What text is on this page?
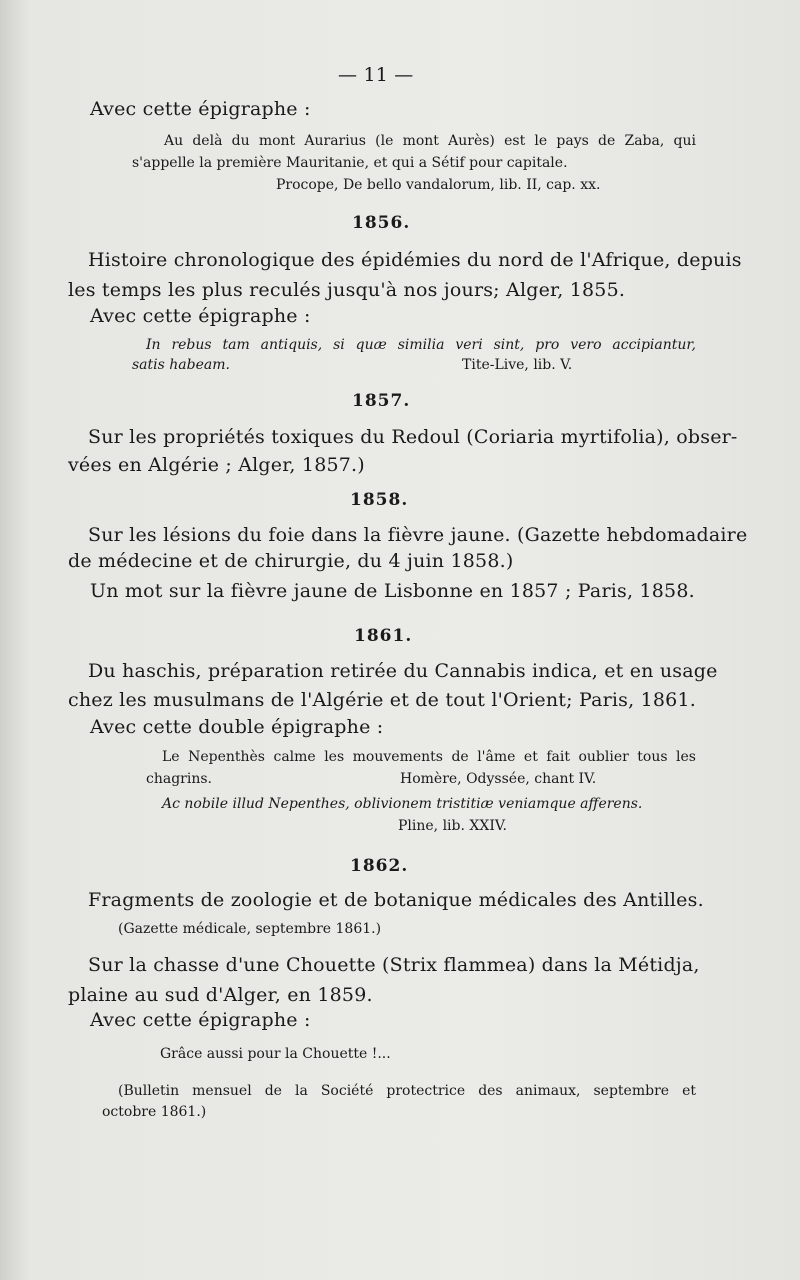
— 11 —
Avec cette épigraphe :
Au delà du mont Aurarius (le mont Aurès) est le pays de Zaba, qui
s'appelle la première Mauritanie, et qui a Sétif pour capitale.
Procope, De bello vandalorum, lib. II, cap. xx.
1856.
Histoire chronologique des épidémies du nord de l'Afrique, depuis
les temps les plus reculés jusqu'à nos jours; Alger, 1855.
Avec cette épigraphe :
In rebus tam antiquis, si quæ similia veri sint, pro vero accipiantur,
satis habeam.	Tite-Live, lib. V.
1857.
Sur les propriétés toxiques du Redoul (Coriaria myrtifolia), obser-
vées en Algérie ; Alger, 1857.)
1858.
Sur les lésions du foie dans la fièvre jaune. (Gazette hebdomadaire
de médecine et de chirurgie, du 4 juin 1858.)
Un mot sur la fièvre jaune de Lisbonne en 1857 ; Paris, 1858.
1861.
Du haschis, préparation retirée du Cannabis indica, et en usage
chez les musulmans de l'Algérie et de tout l'Orient; Paris, 1861.
Avec cette double épigraphe :
Le Nepenthès calme les mouvements de l'âme et fait oublier tous les
chagrins.	Homère, Odyssée, chant IV.
Ac nobile illud Nepenthes, oblivionem tristitiæ veniamque afferens.
Pline, lib. XXIV.
1862.
Fragments de zoologie et de botanique médicales des Antilles.
(Gazette médicale, septembre 1861.)
Sur la chasse d'une Chouette (Strix flammea) dans la Métidja,
plaine au sud d'Alger, en 1859.
Avec cette épigraphe :
Grâce aussi pour la Chouette !...
(Bulletin mensuel de la Société protectrice des animaux, septembre et
octobre 1861.)
